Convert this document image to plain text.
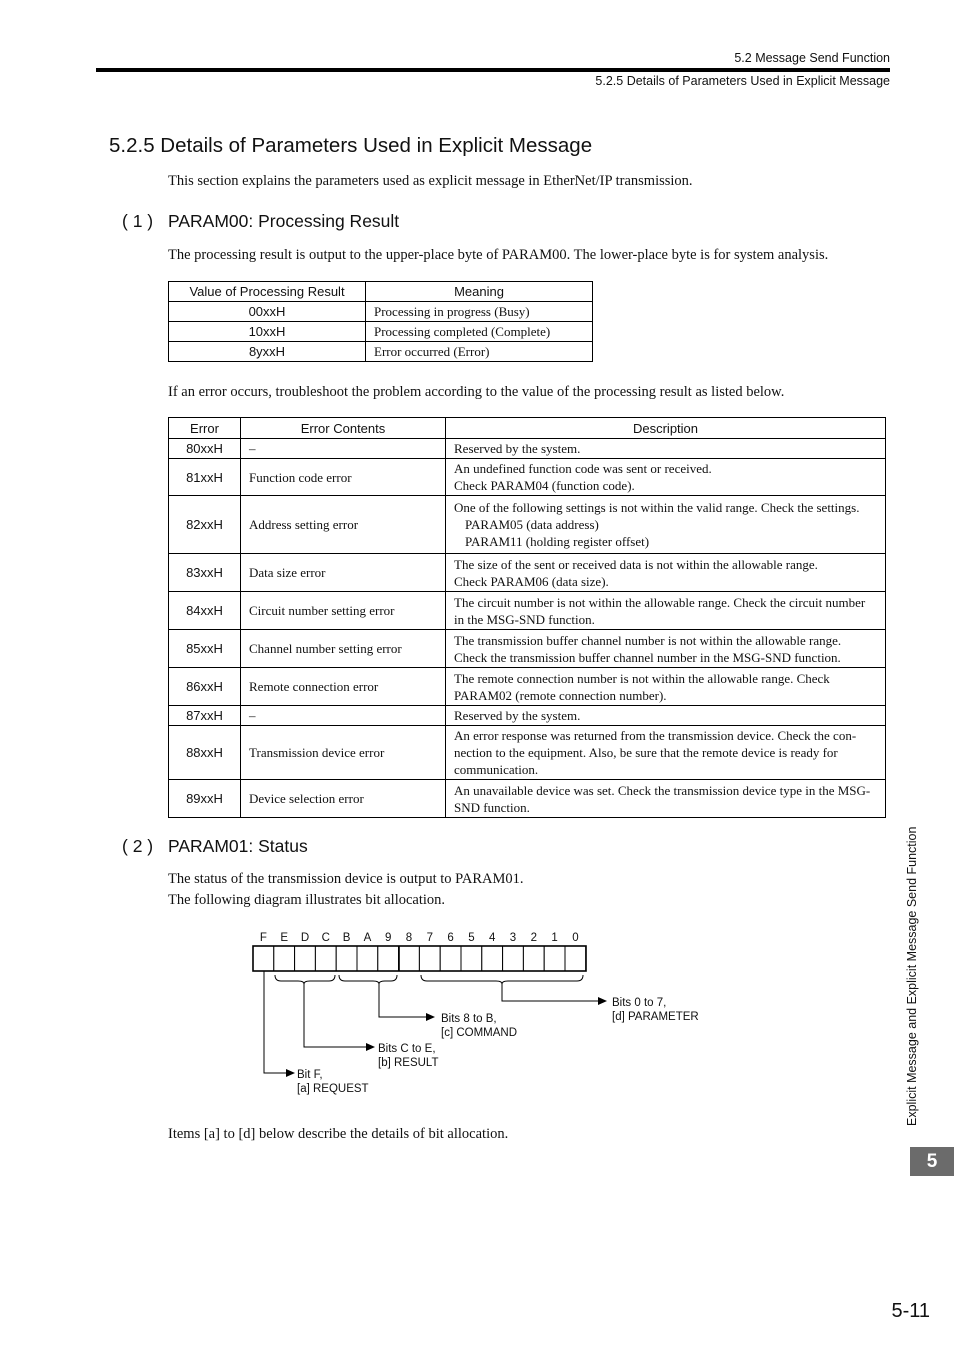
5.2 Message Send Function
5.2.5 Details of Parameters Used in Explicit Message
5.2.5 Details of Parameters Used in Explicit Message
This section explains the parameters used as explicit message in EtherNet/IP transmission.
( 1 ) PARAM00: Processing Result
The processing result is output to the upper-place byte of PARAM00. The lower-place byte is for system analysis.
Value of Processing Result	Meaning
00xxH	Processing in progress (Busy)
10xxH	Processing completed (Complete)
8yxxH	Error occurred (Error)
If an error occurs, troubleshoot the problem according to the value of the processing result as listed below.
Error	Error Contents	Description
80xxH	–	Reserved by the system.

81xxH	Function code error	An undefined function code was sent or received.
Check PARAM04 (function code).

82xxH	Address setting error	One of the following settings is not within the valid range. Check the settings.
PARAM05 (data address)
PARAM11 (holding register offset)

83xxH	Data size error	The size of the sent or received data is not within the allowable range.
Check PARAM06 (data size).

84xxH	Circuit number setting error	The circuit number is not within the allowable range. Check the circuit number in the MSG-SND function.

85xxH	Channel number setting error	The transmission buffer channel number is not within the allowable range. Check the transmission buffer channel number in the MSG-SND function.

86xxH	Remote connection error	The remote connection number is not within the allowable range. Check PARAM02 (remote connection number).

87xxH	–	Reserved by the system.

88xxH	Transmission device error	An error response was returned from the transmission device. Check the con-nection to the equipment. Also, be sure that the remote device is ready for communication.

89xxH	Device selection error	An unavailable device was set. Check the transmission device type in the MSG-SND function.
( 2 ) PARAM01: Status
The status of the transmission device is output to PARAM01.
The following diagram illustrates bit allocation.
F E D C B A 9 8 7 6 5 4 3 2 1 0
Bits 0 to 7,
[d] PARAMETER
Bits 8 to B,
[c] COMMAND
Bits C to E,
[b] RESULT
Bit F,
[a] REQUEST
Items [a] to [d] below describe the details of bit allocation.
Explicit Message and Explicit Message Send Function
5
5-11
